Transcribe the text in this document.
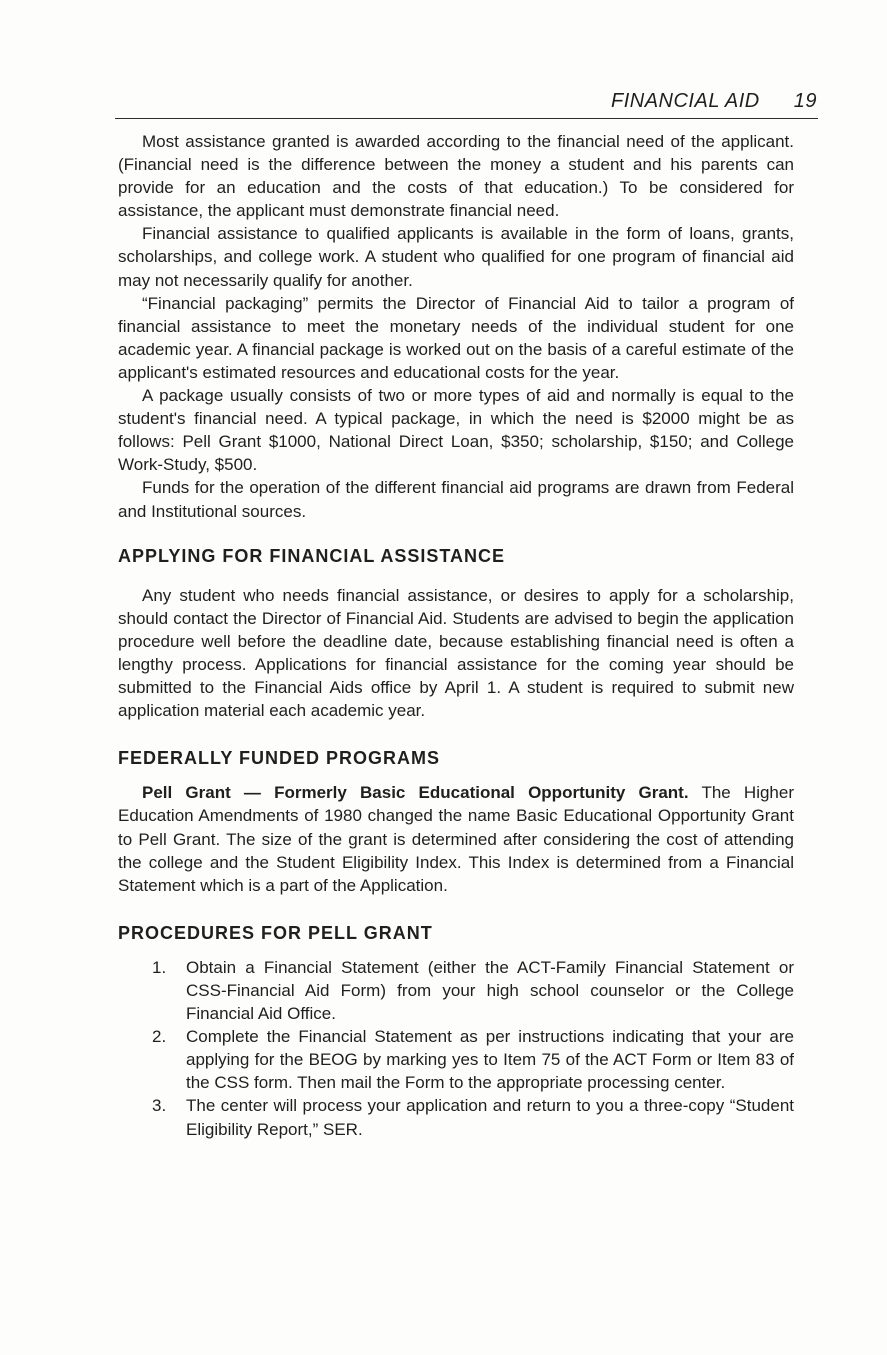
FINANCIAL AID 19

Most assistance granted is awarded according to the financial need of the applicant. (Financial need is the difference between the money a student and his parents can provide for an education and the costs of that education.) To be considered for assistance, the applicant must demonstrate financial need.

Financial assistance to qualified applicants is available in the form of loans, grants, scholarships, and college work. A student who qualified for one program of financial aid may not necessarily qualify for another.

“Financial packaging” permits the Director of Financial Aid to tailor a program of financial assistance to meet the monetary needs of the individual student for one academic year. A financial package is worked out on the basis of a careful estimate of the applicant's estimated resources and educational costs for the year.

A package usually consists of two or more types of aid and normally is equal to the student's financial need. A typical package, in which the need is $2000 might be as follows: Pell Grant $1000, National Direct Loan, $350; scholarship, $150; and College Work-Study, $500.

Funds for the operation of the different financial aid programs are drawn from Federal and Institutional sources.

APPLYING FOR FINANCIAL ASSISTANCE

Any student who needs financial assistance, or desires to apply for a scholarship, should contact the Director of Financial Aid. Students are advised to begin the application procedure well before the deadline date, because establishing financial need is often a lengthy process. Applications for financial assistance for the coming year should be submitted to the Financial Aids office by April 1. A student is required to submit new application material each academic year.

FEDERALLY FUNDED PROGRAMS

Pell Grant — Formerly Basic Educational Opportunity Grant. The Higher Education Amendments of 1980 changed the name Basic Educational Opportunity Grant to Pell Grant. The size of the grant is determined after considering the cost of attending the college and the Student Eligibility Index. This Index is determined from a Financial Statement which is a part of the Application.

PROCEDURES FOR PELL GRANT
1. Obtain a Financial Statement (either the ACT-Family Financial Statement or CSS-Financial Aid Form) from your high school counselor or the College Financial Aid Office.
2. Complete the Financial Statement as per instructions indicating that your are applying for the BEOG by marking yes to Item 75 of the ACT Form or Item 83 of the CSS form. Then mail the Form to the appropriate processing center.
3. The center will process your application and return to you a three-copy “Student Eligibility Report,” SER.
